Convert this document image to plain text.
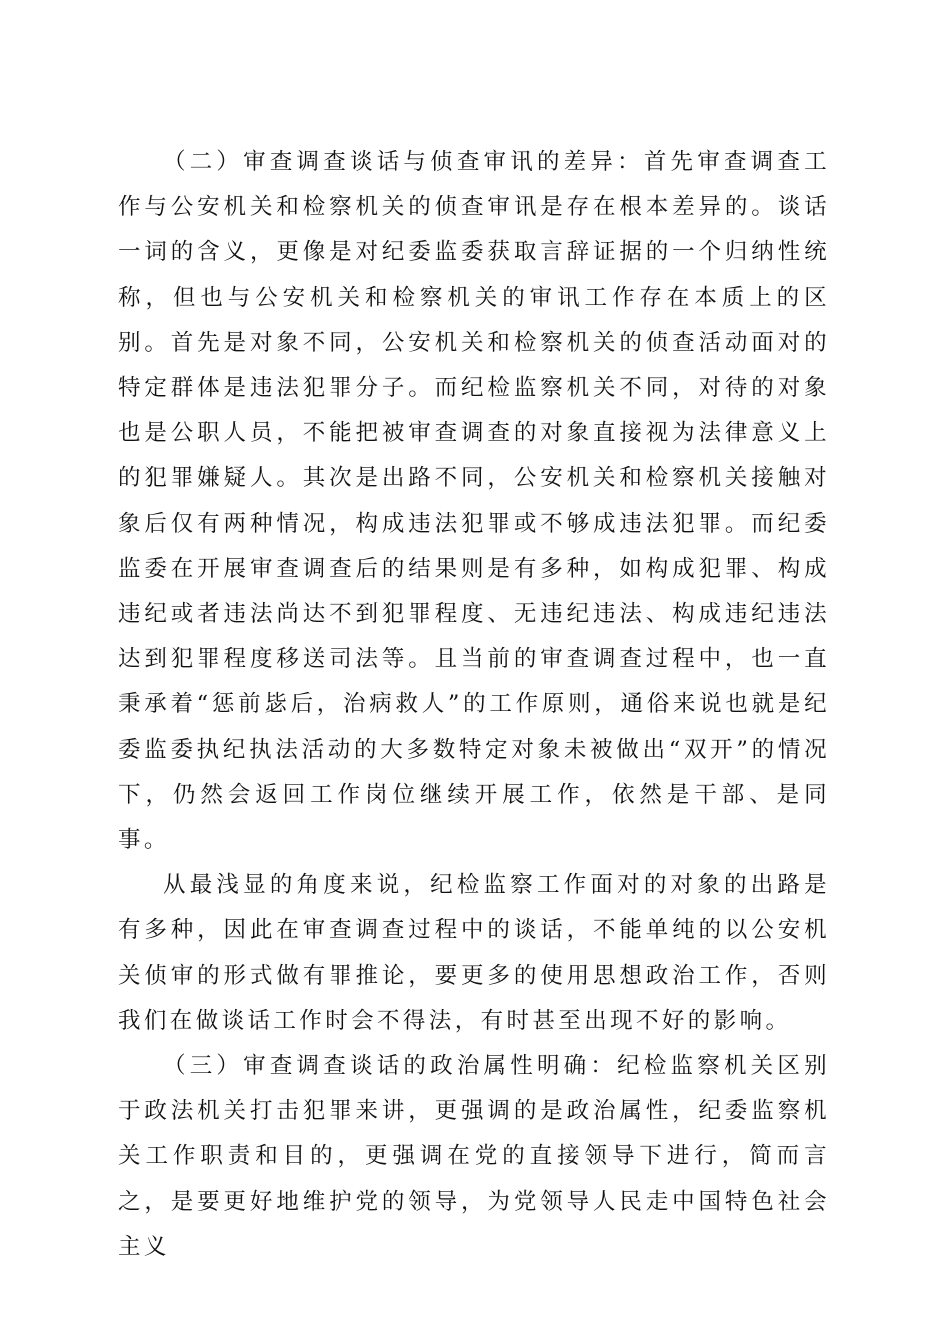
（二）审查调查谈话与侦查审讯的差异：首先审查调查工作与公安机关和检察机关的侦查审讯是存在根本差异的。谈话一词的含义，更像是对纪委监委获取言辞证据的一个归纳性统称，但也与公安机关和检察机关的审讯工作存在本质上的区别。首先是对象不同，公安机关和检察机关的侦查活动面对的特定群体是违法犯罪分子。而纪检监察机关不同，对待的对象也是公职人员，不能把被审查调查的对象直接视为法律意义上的犯罪嫌疑人。其次是出路不同，公安机关和检察机关接触对象后仅有两种情况，构成违法犯罪或不够成违法犯罪。而纪委监委在开展审查调查后的结果则是有多种，如构成犯罪、构成违纪或者违法尚达不到犯罪程度、无违纪违法、构成违纪违法达到犯罪程度移送司法等。且当前的审查调查过程中，也一直秉承着“惩前毖后，治病救人”的工作原则，通俗来说也就是纪委监委执纪执法活动的大多数特定对象未被做出“双开”的情况下，仍然会返回工作岗位继续开展工作，依然是干部、是同事。

从最浅显的角度来说，纪检监察工作面对的对象的出路是有多种，因此在审查调查过程中的谈话，不能单纯的以公安机关侦审的形式做有罪推论，要更多的使用思想政治工作，否则我们在做谈话工作时会不得法，有时甚至出现不好的影响。

（三）审查调查谈话的政治属性明确：纪检监察机关区别于政法机关打击犯罪来讲，更强调的是政治属性，纪委监察机关工作职责和目的，更强调在党的直接领导下进行，简而言之，是要更好地维护党的领导，为党领导人民走中国特色社会主义
